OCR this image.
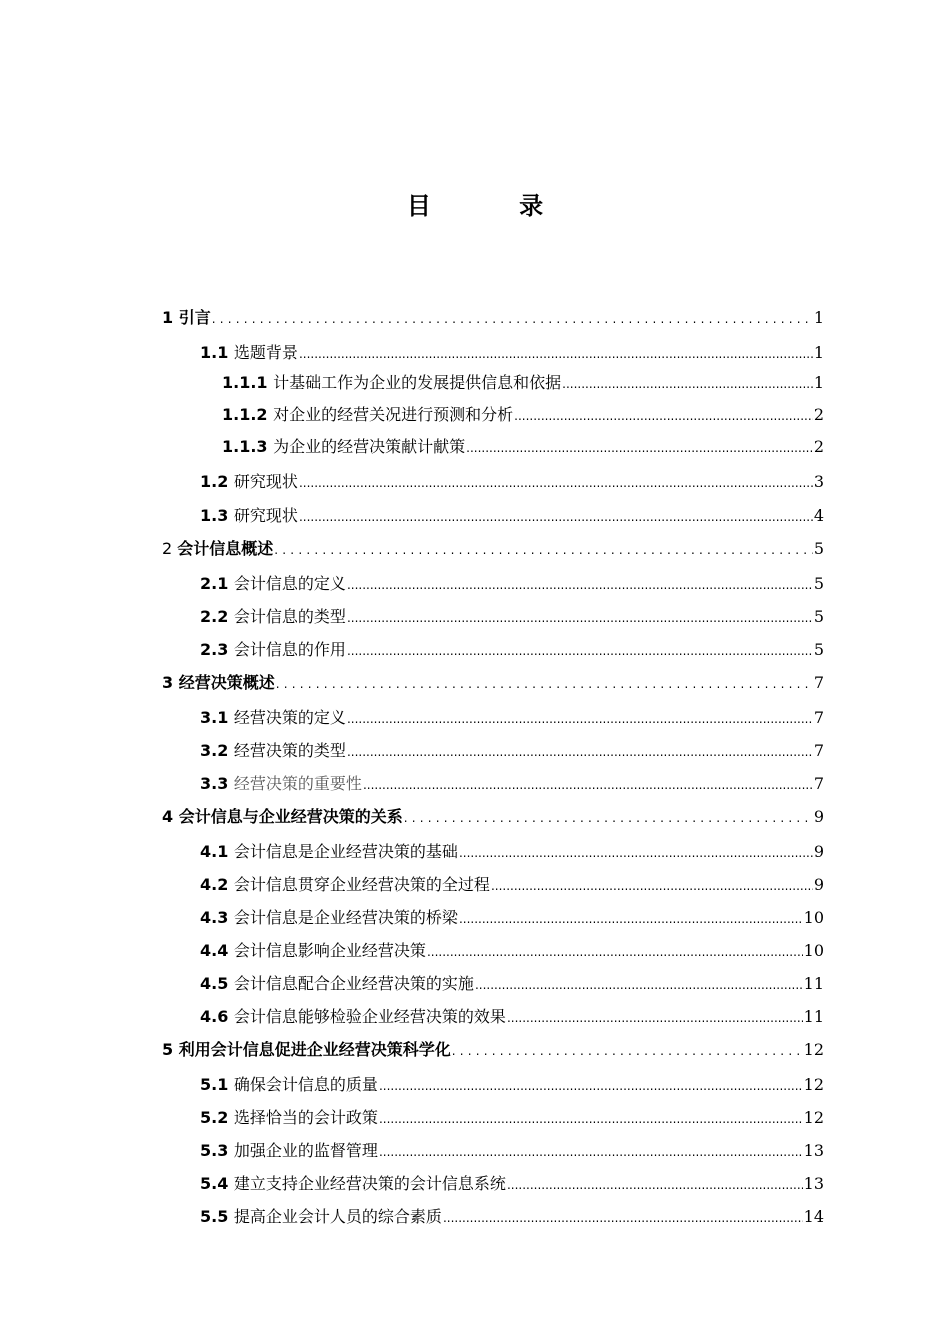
目 录
1 引言 .....	1
1.1 选题背景 .....	1
1.1.1 计基础工作为企业的发展提供信息和依据 .....	1
1.1.2 对企业的经营关况进行预测和分析 .....	2
1.1.3 为企业的经营决策献计献策 .....	2
1.2 研究现状 .....	3
1.3 研究现状 .....	4
2 会计信息概述 .....	5
2.1 会计信息的定义 .....	5
2.2 会计信息的类型 .....	5
2.3 会计信息的作用 .....	5
3 经营决策概述 .....	7
3.1 经营决策的定义 .....	7
3.2 经营决策的类型 .....	7
3.3 经营决策的重要性 .....	7
4 会计信息与企业经营决策的关系 .....	9
4.1 会计信息是企业经营决策的基础 .....	9
4.2 会计信息贯穿企业经营决策的全过程 .....	9
4.3 会计信息是企业经营决策的桥梁 .....	10
4.4 会计信息影响企业经营决策 .....	10
4.5 会计信息配合企业经营决策的实施 .....	11
4.6 会计信息能够检验企业经营决策的效果 .....	11
5 利用会计信息促进企业经营决策科学化 .....	12
5.1 确保会计信息的质量 .....	12
5.2 选择恰当的会计政策 .....	12
5.3 加强企业的监督管理 .....	13
5.4 建立支持企业经营决策的会计信息系统 .....	13
5.5 提高企业会计人员的综合素质 .....	14
